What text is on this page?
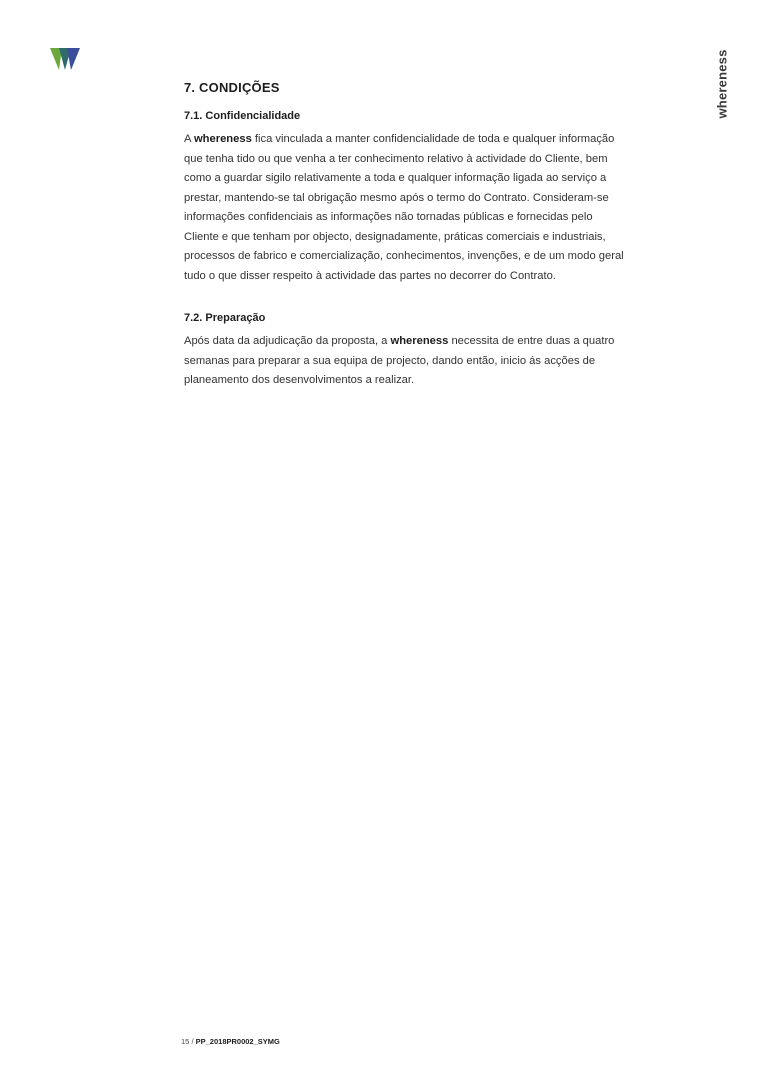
whereness
7. CONDIÇÕES
7.1. Confidencialidade

A whereness fica vinculada a manter confidencialidade de toda e qualquer informação que tenha tido ou que venha a ter conhecimento relativo à actividade do Cliente, bem como a guardar sigilo relativamente a toda e qualquer informação ligada ao serviço a prestar, mantendo-se tal obrigação mesmo após o termo do Contrato. Consideram-se informações confidenciais as informações não tornadas públicas e fornecidas pelo Cliente e que tenham por objecto, designadamente, práticas comerciais e industriais, processos de fabrico e comercialização, conhecimentos, invenções, e de um modo geral tudo o que disser respeito à actividade das partes no decorrer do Contrato.

7.2. Preparação

Após data da adjudicação da proposta, a whereness necessita de entre duas a quatro semanas para preparar a sua equipa de projecto, dando então, inicio ás acções de planeamento dos desenvolvimentos a realizar.

15 / PP_2018PR0002_SYMG
